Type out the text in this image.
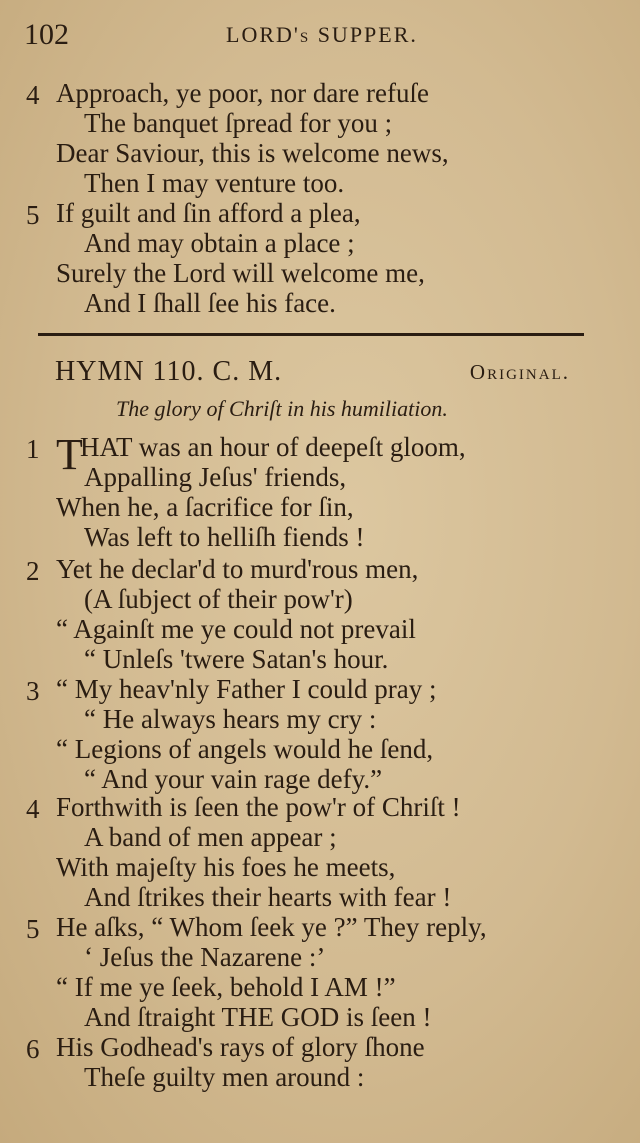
102	LORD's SUPPER.
4 Approach, ye poor, nor dare refuſe
The banquet ſpread for you ;
Dear Saviour, this is welcome news,
Then I may venture too.
5 If guilt and ſin afford a plea,
And may obtain a place ;
Surely the Lord will welcome me,
And I ſhall ſee his face.
HYMN 110. C. M.	Original.
The glory of Chriſt in his humiliation.
1 T
HAT was an hour of deepeſt gloom,
Appalling Jeſus' friends,
When he, a ſacrifice for ſin,
Was left to helliſh fiends !
2 Yet he declar'd to murd'rous men,
(A ſubject of their pow'r)
“ Againſt me ye could not prevail
“ Unleſs 'twere Satan's hour.
3 “ My heav'nly Father I could pray ;
“ He always hears my cry :
“ Legions of angels would he ſend,
“ And your vain rage defy.”
4 Forthwith is ſeen the pow'r of Chriſt !
A band of men appear ;
With majeſty his foes he meets,
And ſtrikes their hearts with fear !
5 He aſks, “ Whom ſeek ye ?” They reply,
‘ Jeſus the Nazarene :’
“ If me ye ſeek, behold I AM !”
And ſtraight THE GOD is ſeen !
6 His Godhead's rays of glory ſhone
Theſe guilty men around :
